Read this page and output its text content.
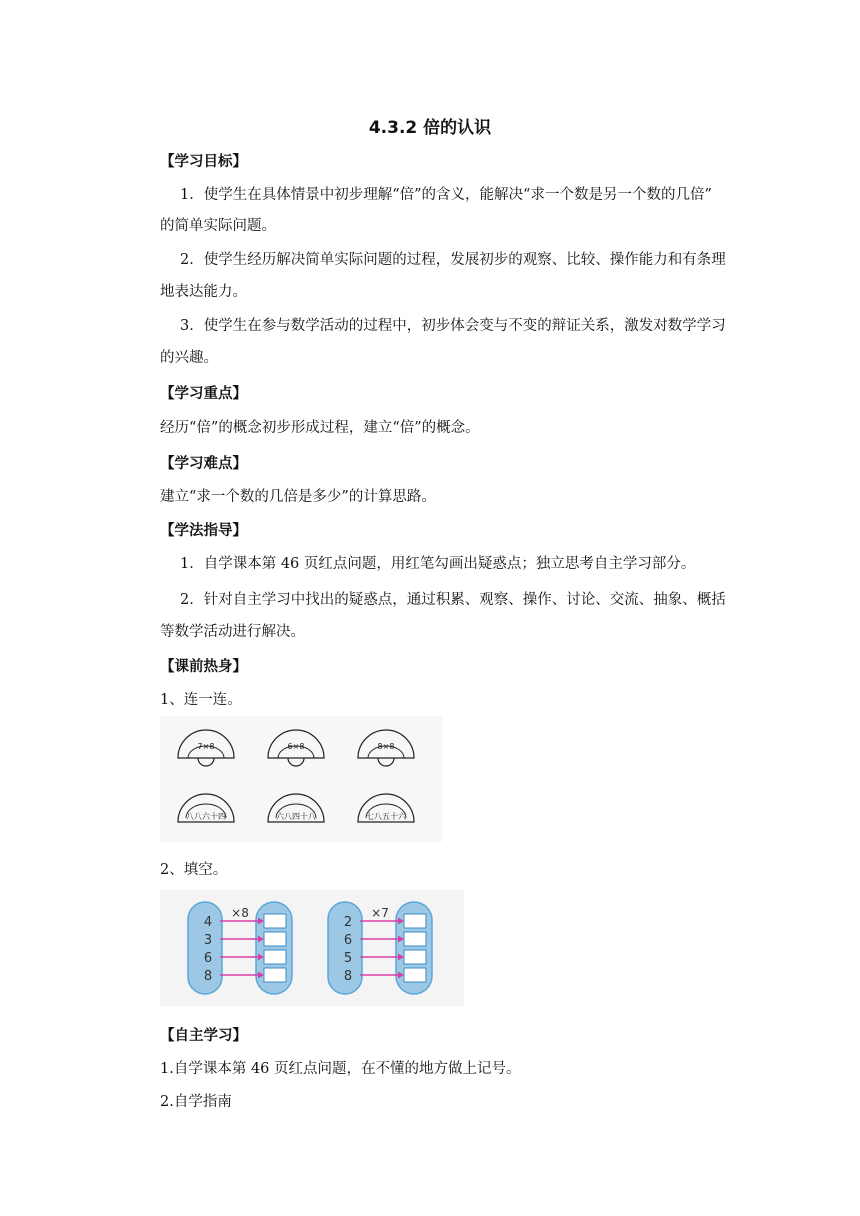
4.3.2 倍的认识
【学习目标】
1．使学生在具体情景中初步理解“倍”的含义，能解决“求一个数是另一个数的几倍”
的简单实际问题。
2．使学生经历解决简单实际问题的过程，发展初步的观察、比较、操作能力和有条理
地表达能力。
3．使学生在参与数学活动的过程中，初步体会变与不变的辩证关系，激发对数学学习
的兴趣。
【学习重点】
经历“倍”的概念初步形成过程，建立“倍”的概念。
【学习难点】
建立“求一个数的几倍是多少”的计算思路。
【学法指导】
1．自学课本第 46 页红点问题，用红笔勾画出疑惑点；独立思考自主学习部分。
2．针对自主学习中找出的疑惑点，通过积累、观察、操作、讨论、交流、抽象、概括
等数学活动进行解决。
【课前热身】
1、连一连。
7×8	6×8	8×8
八八六十四	六八四十八	七八五十六
2、填空。
×8
4
3
6
8
×7
2
6
5
8
【自主学习】
1.自学课本第 46 页红点问题，在不懂的地方做上记号。
2.自学指南
